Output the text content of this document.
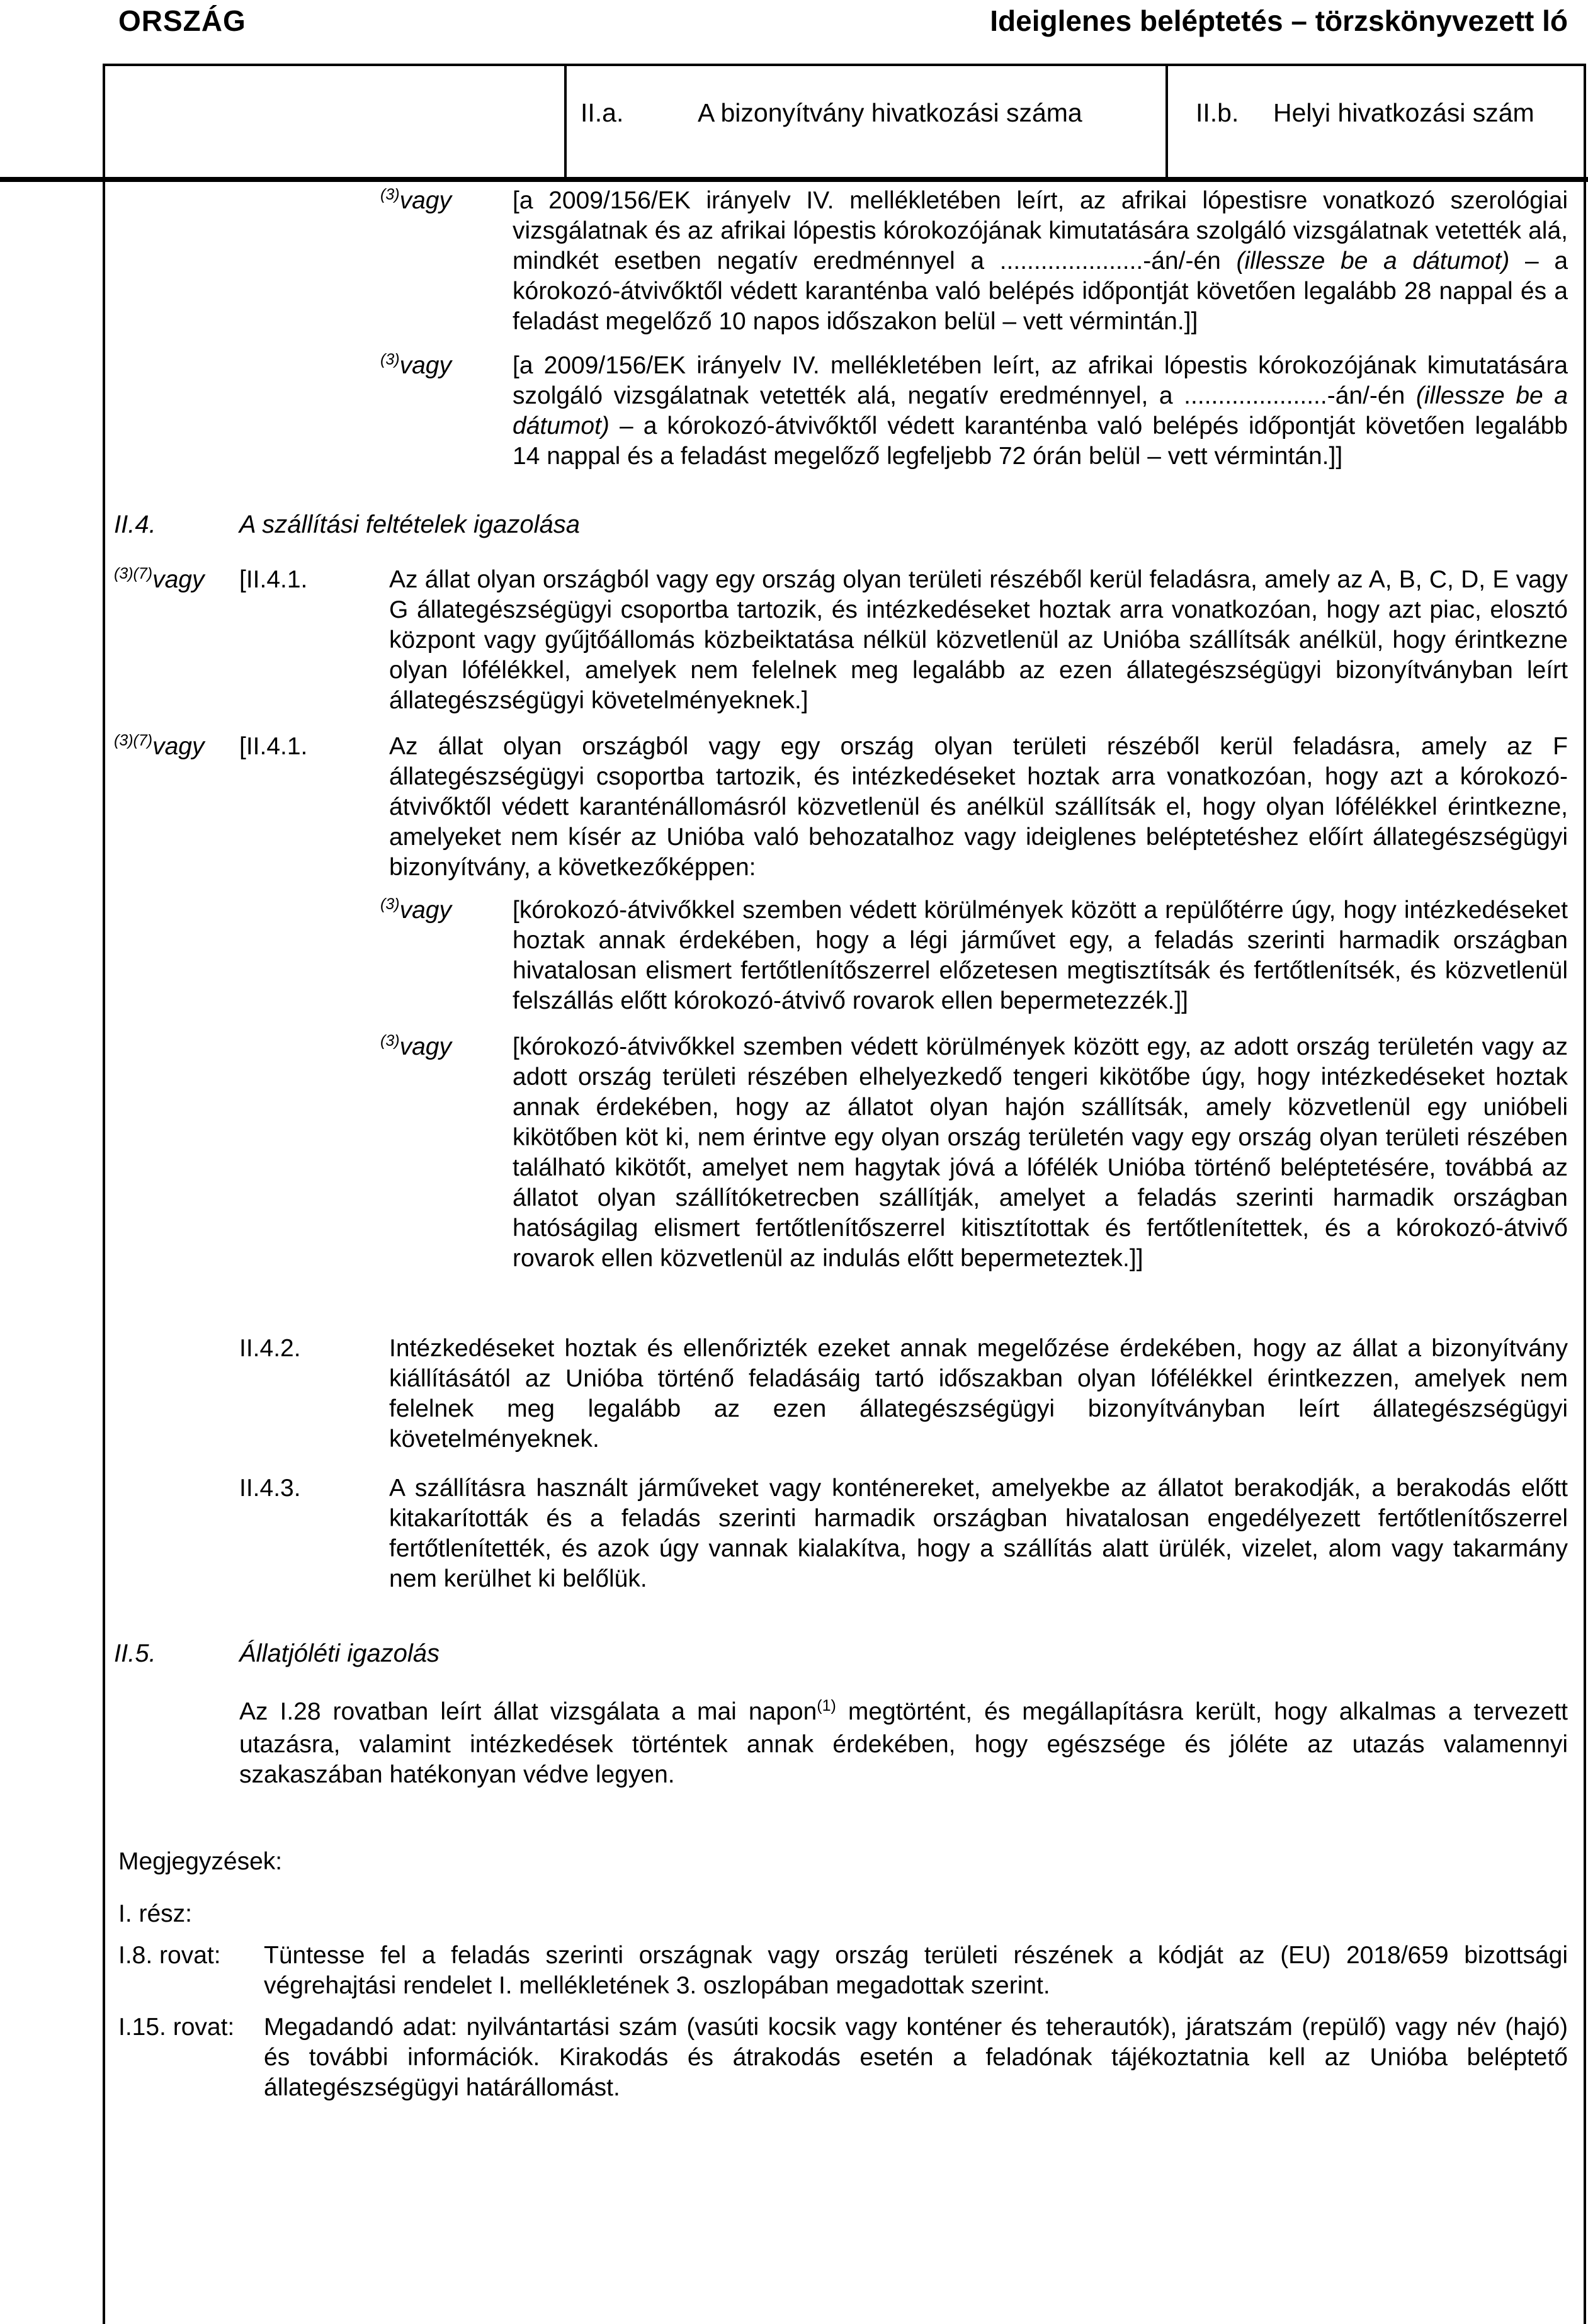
ORSZÁG	Ideiglenes beléptetés – törzskönyvezett ló
II.a.	A bizonyítvány hivatkozási száma	II.b. Helyi hivatkozási szám
$^{(3)}$vagy	[a 2009/156/EK irányelv IV. mellékletében leírt, az afrikai lópestisre vonatkozó szerológiai vizsgálatnak és az afrikai lópestis kórokozójának kimutatására szolgáló vizsgálatnak vetették alá, mindkét esetben negatív eredménnyel a .....................-án/-én (illessze be a dátumot) – a kórokozó-átvivőktől védett karanténba való belépés időpontját követően legalább 28 nappal és a feladást megelőző 10 napos időszakon belül – vett vérmintán.]]
$^{(3)}$vagy	[a 2009/156/EK irányelv IV. mellékletében leírt, az afrikai lópestis kórokozójának kimutatására szolgáló vizsgálatnak vetették alá, negatív eredménnyel, a .....................-án/-én (illessze be a dátumot) – a kórokozó-átvivőktől védett karanténba való belépés időpontját követően legalább 14 nappal és a feladást megelőző legfeljebb 72 órán belül – vett vérmintán.]]
II.4.	A szállítási feltételek igazolása
$^{(3)(7)}$vagy	[II.4.1.	Az állat olyan országból vagy egy ország olyan területi részéből kerül feladásra, amely az A, B, C, D, E vagy G állategészségügyi csoportba tartozik, és intézkedéseket hoztak arra vonatkozóan, hogy azt piac, elosztó központ vagy gyűjtőállomás közbeiktatása nélkül közvetlenül az Unióba szállítsák anélkül, hogy érintkezne olyan lófélékkel, amelyek nem felelnek meg legalább az ezen állategészségügyi bizonyítványban leírt állategészségügyi követelményeknek.]
$^{(3)(7)}$vagy	[II.4.1.	Az állat olyan országból vagy egy ország olyan területi részéből kerül feladásra, amely az F állategészségügyi csoportba tartozik, és intézkedéseket hoztak arra vonatkozóan, hogy azt a kórokozó-átvivőktől védett karanténállomásról közvetlenül és anélkül szállítsák el, hogy olyan lófélékkel érintkezne, amelyeket nem kísér az Unióba való behozatalhoz vagy ideiglenes beléptetéshez előírt állategészségügyi bizonyítvány, a következőképpen:
$^{(3)}$vagy	[kórokozó-átvivőkkel szemben védett körülmények között a repülőtérre úgy, hogy intézkedéseket hoztak annak érdekében, hogy a légi járművet egy, a feladás szerinti harmadik országban hivatalosan elismert fertőtlenítőszerrel előzetesen megtisztítsák és fertőtlenítsék, és közvetlenül felszállás előtt kórokozó-átvivő rovarok ellen bepermetezzék.]]
$^{(3)}$vagy	[kórokozó-átvivőkkel szemben védett körülmények között egy, az adott ország területén vagy az adott ország területi részében elhelyezkedő tengeri kikötőbe úgy, hogy intézkedéseket hoztak annak érdekében, hogy az állatot olyan hajón szállítsák, amely közvetlenül egy unióbeli kikötőben köt ki, nem érintve egy olyan ország területén vagy egy ország olyan területi részében található kikötőt, amelyet nem hagytak jóvá a lófélék Unióba történő beléptetésére, továbbá az állatot olyan szállítóketrecben szállítják, amelyet a feladás szerinti harmadik országban hatóságilag elismert fertőtlenítőszerrel kitisztítottak és fertőtlenítettek, és a kórokozó-átvivő rovarok ellen közvetlenül az indulás előtt bepermeteztek.]]
II.4.2.	Intézkedéseket hoztak és ellenőrizték ezeket annak megelőzése érdekében, hogy az állat a bizonyítvány kiállításától az Unióba történő feladásáig tartó időszakban olyan lófélékkel érintkezzen, amelyek nem felelnek meg legalább az ezen állategészségügyi bizonyítványban leírt állategészségügyi követelményeknek.
II.4.3.	A szállításra használt járműveket vagy konténereket, amelyekbe az állatot berakodják, a berakodás előtt kitakarították és a feladás szerinti harmadik országban hivatalosan engedélyezett fertőtlenítőszerrel fertőtlenítették, és azok úgy vannak kialakítva, hogy a szállítás alatt ürülék, vizelet, alom vagy takarmány nem kerülhet ki belőlük.
II.5.	Állatjóléti igazolás
Az I.28 rovatban leírt állat vizsgálata a mai napon$^{(1)}$ megtörtént, és megállapításra került, hogy alkalmas a tervezett utazásra, valamint intézkedések történtek annak érdekében, hogy egészsége és jóléte az utazás valamennyi szakaszában hatékonyan védve legyen.
Megjegyzések:
I. rész:
I.8. rovat:	Tüntesse fel a feladás szerinti országnak vagy ország területi részének a kódját az (EU) 2018/659 bizottsági végrehajtási rendelet I. mellékletének 3. oszlopában megadottak szerint.
I.15. rovat:	Megadandó adat: nyilvántartási szám (vasúti kocsik vagy konténer és teherautók), járatszám (repülő) vagy név (hajó) és további információk. Kirakodás és átrakodás esetén a feladónak tájékoztatnia kell az Unióba beléptető állategészségügyi határállomást.
